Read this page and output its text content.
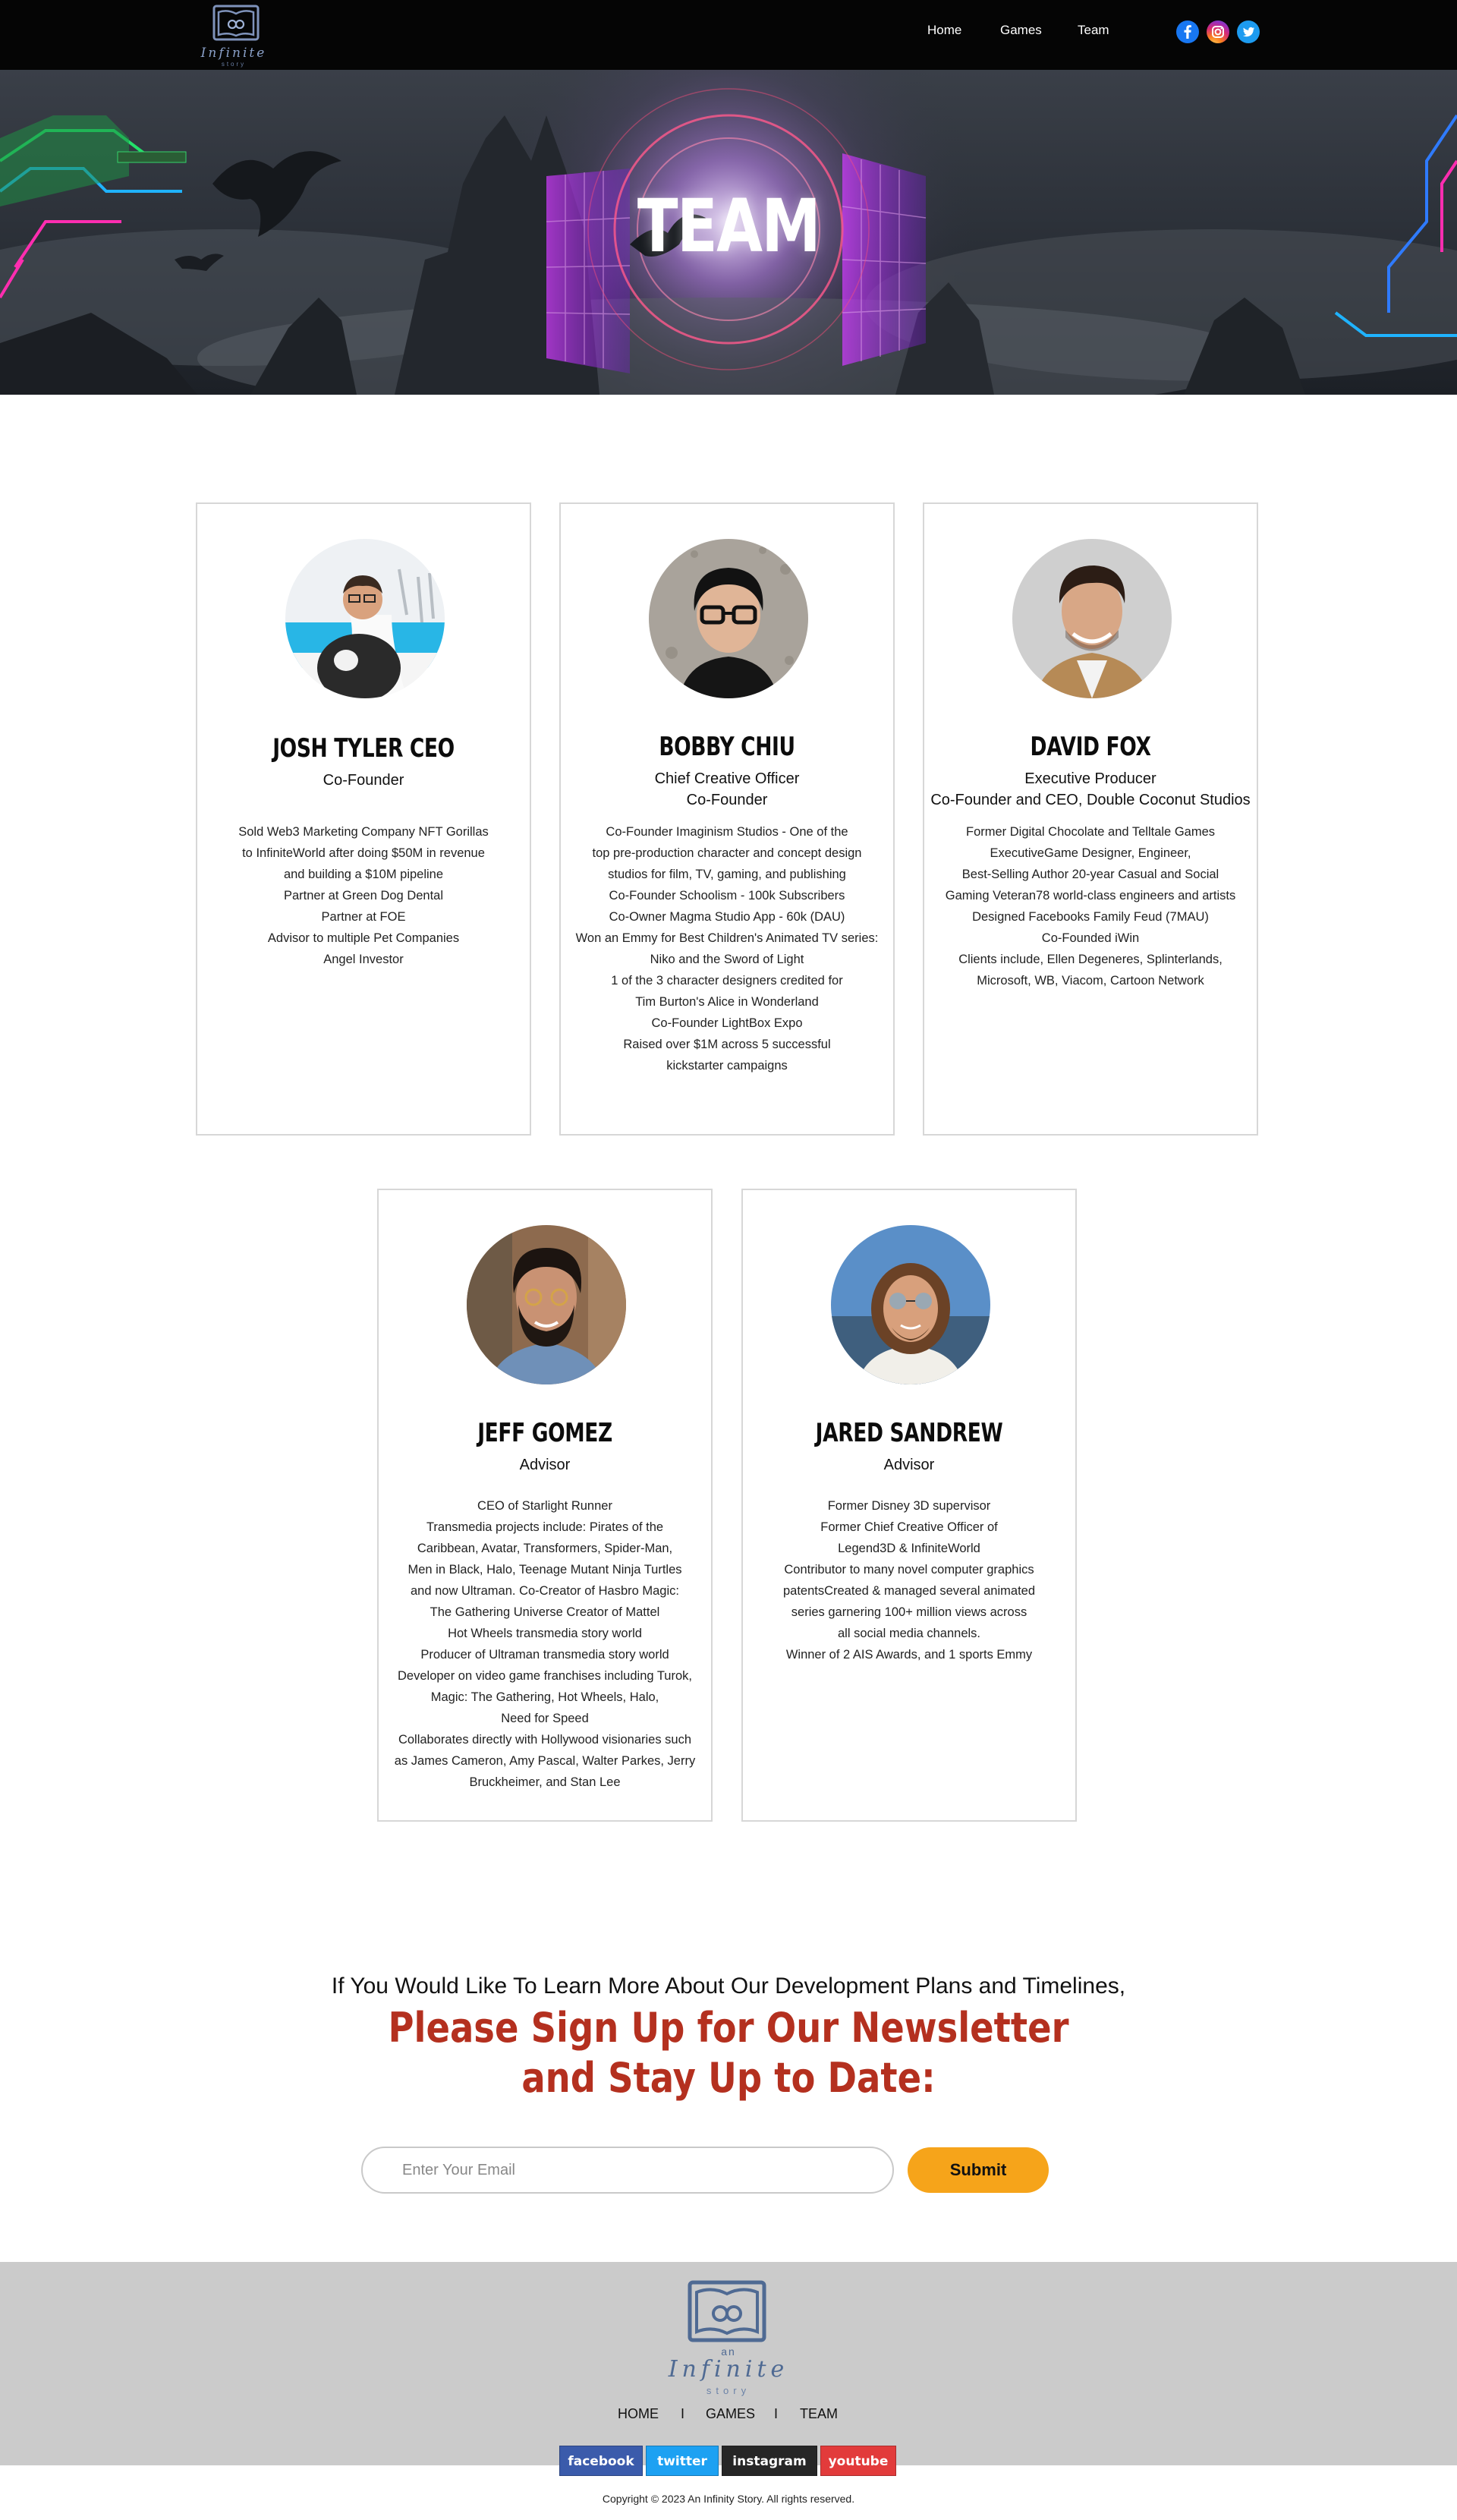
Infinite
story
Home	Games	Team
TEAM
JOSH TYLER CEO
Co-Founder
Sold Web3 Marketing Company NFT Gorillas
to InfiniteWorld after doing $50M in revenue
and building a $10M pipeline
Partner at Green Dog Dental
Partner at FOE
Advisor to multiple Pet Companies
Angel Investor
BOBBY CHIU
Chief Creative Officer
Co-Founder
Co-Founder Imaginism Studios - One of the
top pre-production character and concept design
studios for film, TV, gaming, and publishing
Co-Founder Schoolism - 100k Subscribers
Co-Owner Magma Studio App - 60k (DAU)
Won an Emmy for Best Children's Animated TV series:
Niko and the Sword of Light
1 of the 3 character designers credited for
Tim Burton's Alice in Wonderland
Co-Founder LightBox Expo
Raised over $1M across 5 successful
kickstarter campaigns
DAVID FOX
Executive Producer
Co-Founder and CEO, Double Coconut Studios
Former Digital Chocolate and Telltale Games
ExecutiveGame Designer, Engineer,
Best-Selling Author 20-year Casual and Social
Gaming Veteran78 world-class engineers and artists
Designed Facebooks Family Feud (7MAU)
Co-Founded iWin
Clients include, Ellen Degeneres, Splinterlands,
Microsoft, WB, Viacom, Cartoon Network
JEFF GOMEZ
Advisor
CEO of Starlight Runner
Transmedia projects include: Pirates of the
Caribbean, Avatar, Transformers, Spider-Man,
Men in Black, Halo, Teenage Mutant Ninja Turtles
and now Ultraman. Co-Creator of Hasbro Magic:
The Gathering Universe Creator of Mattel
Hot Wheels transmedia story world
Producer of Ultraman transmedia story world
Developer on video game franchises including Turok,
Magic: The Gathering, Hot Wheels, Halo,
Need for Speed
Collaborates directly with Hollywood visionaries such
as James Cameron, Amy Pascal, Walter Parkes, Jerry
Bruckheimer, and Stan Lee
JARED SANDREW
Advisor
Former Disney 3D supervisor
Former Chief Creative Officer of
Legend3D & InfiniteWorld
Contributor to many novel computer graphics
patentsCreated & managed several animated
series garnering 100+ million views across
all social media channels.
Winner of 2 AIS Awards, and 1 sports Emmy
If You Would Like To Learn More About Our Development Plans and Timelines,
Please Sign Up for Our Newsletter
and Stay Up to Date:
Enter Your Email
Submit
an
Infinite
story
HOME I GAMES I TEAM
facebook	twitter	instagram	youtube
Copyright © 2023 An Infinity Story. All rights reserved.
